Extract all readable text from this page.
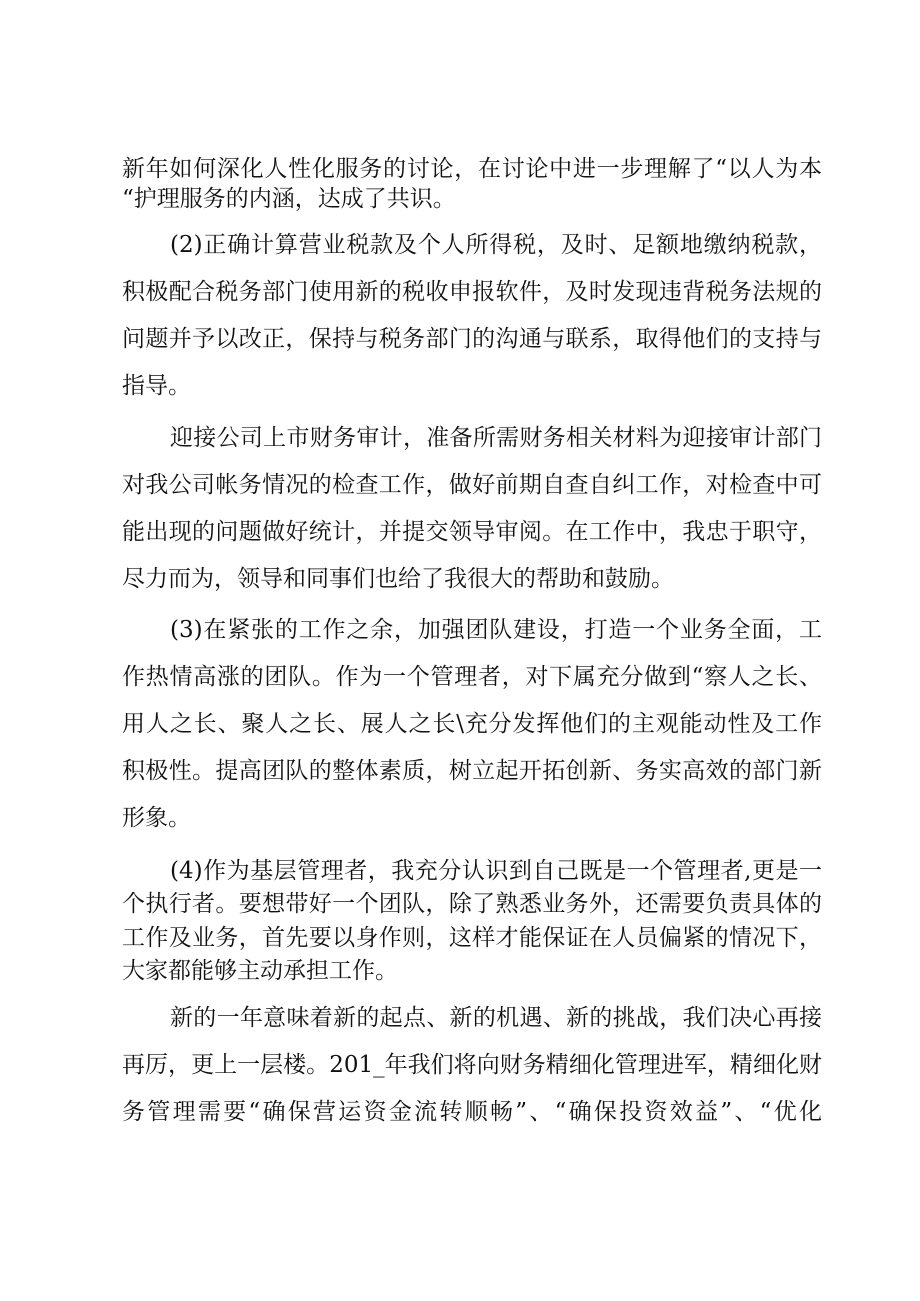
新年如何深化人性化服务的讨论，在讨论中进一步理解了“以人为本
“护理服务的内涵，达成了共识。
(2)正确计算营业税款及个人所得税，及时、足额地缴纳税款，
积极配合税务部门使用新的税收申报软件，及时发现违背税务法规的
问题并予以改正，保持与税务部门的沟通与联系，取得他们的支持与
指导。
迎接公司上市财务审计，准备所需财务相关材料为迎接审计部门
对我公司帐务情况的检查工作，做好前期自查自纠工作，对检查中可
能出现的问题做好统计，并提交领导审阅。在工作中，我忠于职守，
尽力而为，领导和同事们也给了我很大的帮助和鼓励。
(3)在紧张的工作之余，加强团队建设，打造一个业务全面，工
作热情高涨的团队。作为一个管理者，对下属充分做到“察人之长、
用人之长、聚人之长、展人之长\充分发挥他们的主观能动性及工作
积极性。提高团队的整体素质，树立起开拓创新、务实高效的部门新
形象。
(4)作为基层管理者，我充分认识到自己既是一个管理者,更是一
个执行者。要想带好一个团队，除了熟悉业务外，还需要负责具体的
工作及业务，首先要以身作则，这样才能保证在人员偏紧的情况下，
大家都能够主动承担工作。
新的一年意味着新的起点、新的机遇、新的挑战，我们决心再接
再厉，更上一层楼。201_年我们将向财务精细化管理进军，精细化财
务管理需要“确保营运资金流转顺畅”、“确保投资效益”、“优化
